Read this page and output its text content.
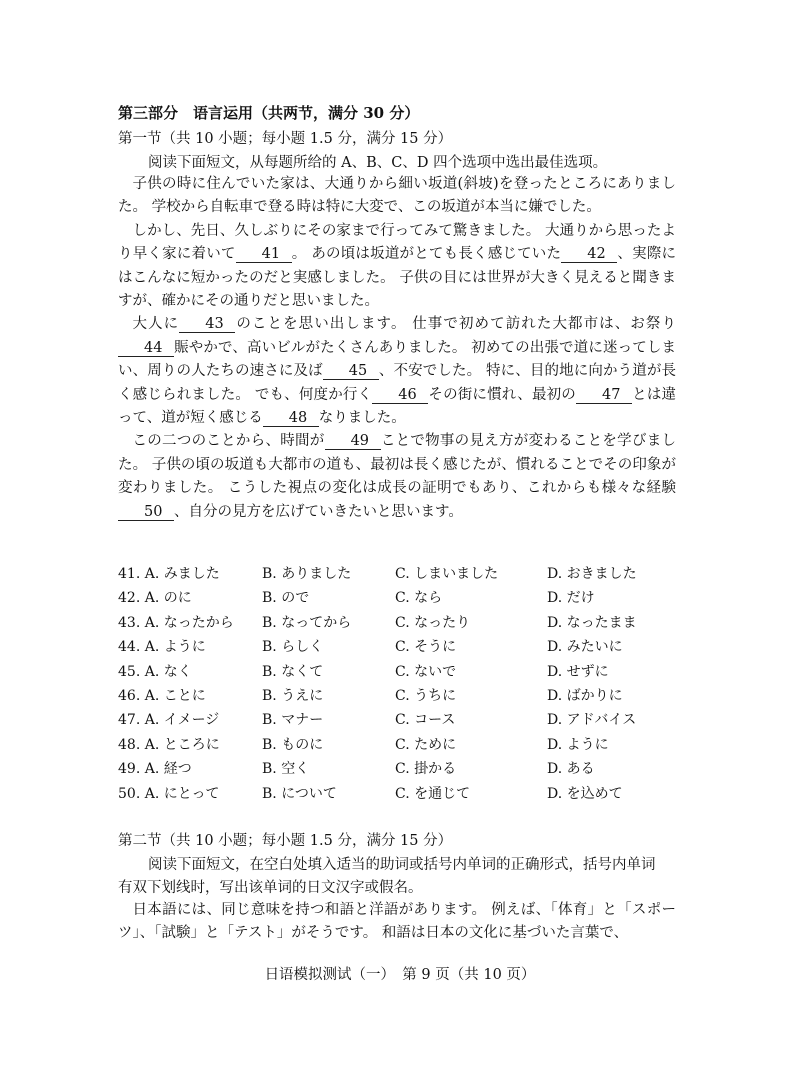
第三部分　语言运用（共两节，满分 30 分）
第一节（共 10 小题；每小题 1.5 分，满分 15 分）
阅读下面短文，从每题所给的 A、B、C、D 四个选项中选出最佳选项。

子供の時に住んでいた家は、大通りから細い坂道(斜坡)を登ったところにありました。 学校から自転車で登る時は特に大変で、この坂道が本当に嫌でした。

しかし、先日、久しぶりにその家まで行ってみて驚きました。 大通りから思ったより早く家に着いて 41 。 あの頃は坂道がとても長く感じていた 42 、実際にはこんなに短かったのだと実感しました。 子供の目には世界が大きく見えると聞きますが、確かにその通りだと思いました。

大人に 43 のことを思い出します。 仕事で初めて訪れた大都市は、お祭り44 賑やかで、高いビルがたくさんありました。 初めての出張で道に迷ってしまい、周りの人たちの速さに及ば 45 、不安でした。 特に、目的地に向かう道が長く感じられました。 でも、何度か行く 46 その街に慣れ、最初の 47 とは違って、道が短く感じる 48 なりました。

この二つのことから、時間が 49 ことで物事の見え方が変わることを学びました。 子供の頃の坂道も大都市の道も、最初は長く感じたが、慣れることでその印象が変わりました。 こうした視点の変化は成長の証明でもあり、これからも様々な経験50 、自分の見方を広げていきたいと思います。

41. A. みました	B. ありました	C. しまいました	D. おきました
42. A. のに	B. ので	C. なら	D. だけ
43. A. なったから B. なってから	C. なったり	D. なったまま
44. A. ように	B. らしく	C. そうに	D. みたいに
45. A. なく	B. なくて	C. ないで	D. せずに
46. A. ことに	B. うえに	C. うちに	D. ばかりに
47. A. イメージ	B. マナー	C. コース	D. アドバイス
48. A. ところに	B. ものに	C. ために	D. ように
49. A. 経つ	B. 空く	C. 掛かる	D. ある
50. A. にとって	B. について	C. を通じて	D. を込めて
第二节（共 10 小题；每小题 1.5 分，满分 15 分）
阅读下面短文，在空白处填入适当的助词或括号内单词的正确形式，括号内单词
有双下划线时，写出该单词的日文汉字或假名。

日本語には、同じ意味を持つ和語と洋語があります。 例えば、「体育」と「スポーツ」、「試験」と「テスト」がそうです。 和語は日本の文化に基づいた言葉で、

日语模拟测试（一）　第 9 页（共 10 页）
